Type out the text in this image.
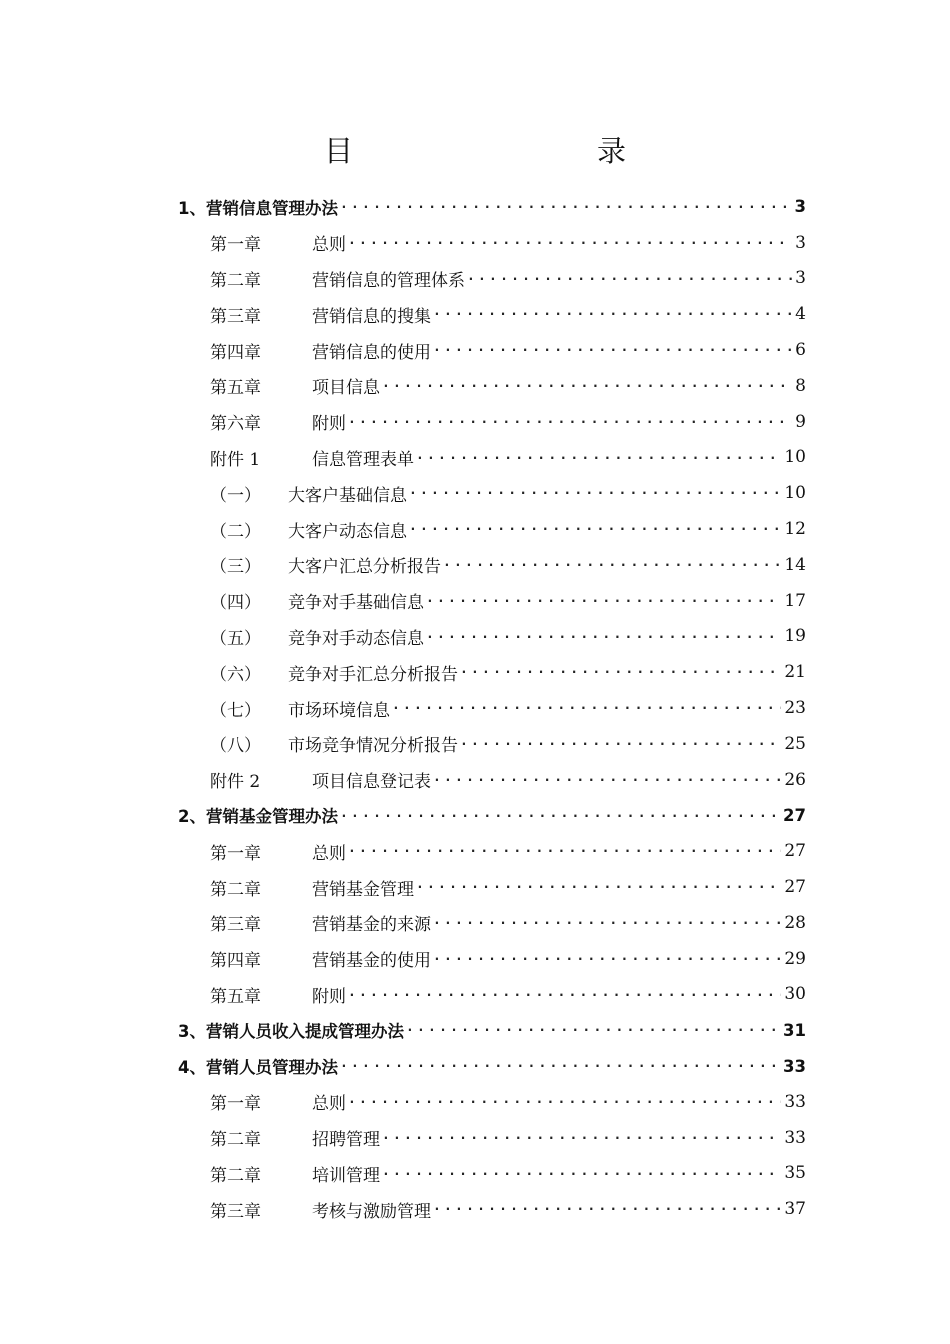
目　　录
1、营销信息管理办法 .....	3
第一章	总则 .....	3
第二章	营销信息的管理体系 .....	3
第三章	营销信息的搜集 .....	4
第四章	营销信息的使用 .....	6
第五章	项目信息 .....	8
第六章	附则 .....	9
附件 1	信息管理表单 .....	10
（一）	大客户基础信息 .....	10
（二）	大客户动态信息 .....	12
（三）	大客户汇总分析报告 .....	14
（四）	竞争对手基础信息 .....	17
（五）	竞争对手动态信息 .....	19
（六）	竞争对手汇总分析报告 .....	21
（七）	市场环境信息 .....	23
（八）	市场竞争情况分析报告 .....	25
附件 2	项目信息登记表 .....	26
2、营销基金管理办法 .....	27
第一章	总则 .....	27
第二章	营销基金管理 .....	27
第三章	营销基金的来源 .....	28
第四章	营销基金的使用 .....	29
第五章	附则 .....	30
3、营销人员收入提成管理办法 .....	31
4、营销人员管理办法 .....	33
第一章	总则 .....	33
第二章	招聘管理 .....	33
第二章	培训管理 .....	35
第三章	考核与激励管理 .....	37
